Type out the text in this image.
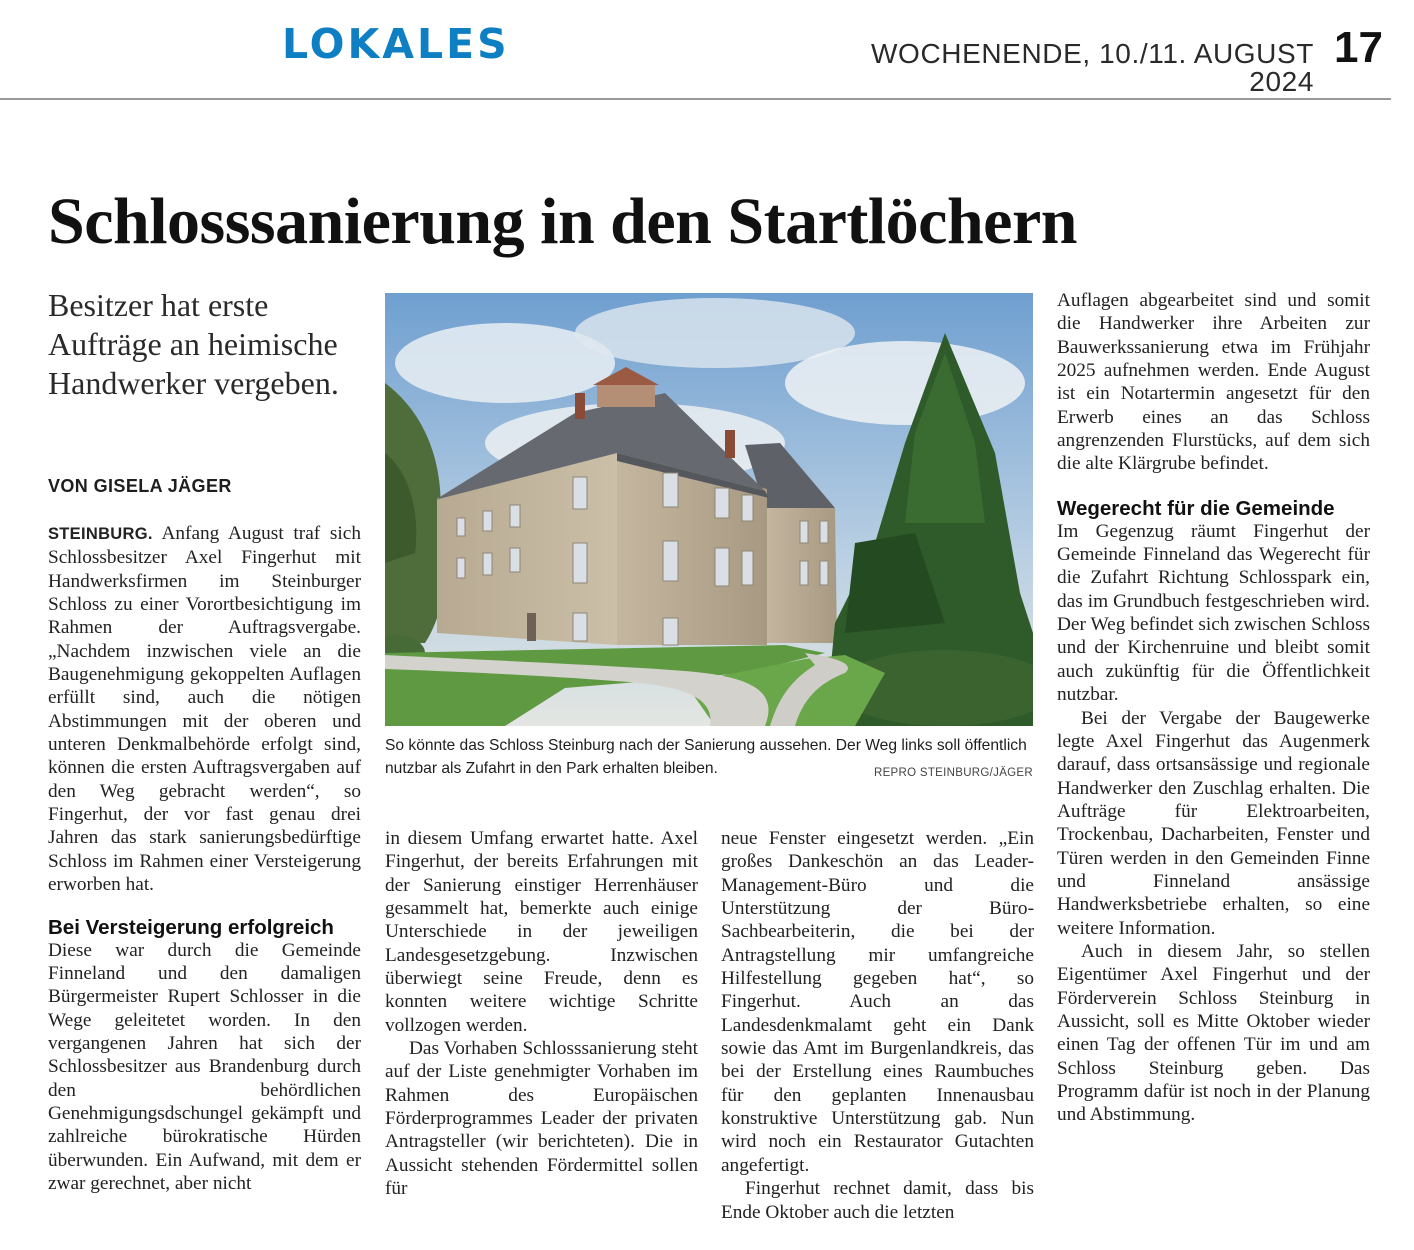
LOKALES	WOCHENENDE, 10./11. AUGUST 2024
17
Schlosssanierung in den Startlöchern
Besitzer hat erste Aufträge an heimische Handwerker vergeben.
VON GISELA JÄGER

STEINBURG. Anfang August traf sich Schlossbesitzer Axel Fingerhut mit Handwerksfirmen im Steinburger Schloss zu einer Vorortbesichtigung im Rahmen der Auftragsvergabe. „Nachdem inzwischen viele an die Baugenehmigung gekoppelten Auflagen erfüllt sind, auch die nötigen Abstimmungen mit der oberen und unteren Denkmalbehörde erfolgt sind, können die ersten Auftragsvergaben auf den Weg gebracht werden“, so Fingerhut, der vor fast genau drei Jahren das stark sanierungsbedürftige Schloss im Rahmen einer Versteigerung erworben hat.

Bei Versteigerung erfolgreich

Diese war durch die Gemeinde Finneland und den damaligen Bürgermeister Rupert Schlosser in die Wege geleitetet worden. In den vergangenen Jahren hat sich der Schlossbesitzer aus Brandenburg durch den behördlichen Genehmigungsdschungel gekämpft und zahlreiche bürokratische Hürden überwunden. Ein Aufwand, mit dem er zwar gerechnet, aber nicht

So könnte das Schloss Steinburg nach der Sanierung aussehen. Der Weg links soll öffentlich nutzbar als Zufahrt in den Park erhalten bleiben.	REPRO STEINBURG/JÄGER

in diesem Umfang erwartet hatte. Axel Fingerhut, der bereits Erfahrungen mit der Sanierung einstiger Herrenhäuser gesammelt hat, bemerkte auch einige Unterschiede in der jeweiligen Landesgesetzgebung. Inzwischen überwiegt seine Freude, denn es konnten weitere wichtige Schritte vollzogen werden.

Das Vorhaben Schlosssanierung steht auf der Liste genehmigter Vorhaben im Rahmen des Europäischen Förderprogrammes Leader der privaten Antragsteller (wir berichteten). Die in Aussicht stehenden Fördermittel sollen für

neue Fenster eingesetzt werden. „Ein großes Dankeschön an das Leader-Management-Büro und die Unterstützung der Büro-Sachbearbeiterin, die bei der Antragstellung mir umfangreiche Hilfestellung gegeben hat“, so Fingerhut. Auch an das Landesdenkmalamt geht ein Dank sowie das Amt im Burgenlandkreis, das bei der Erstellung eines Raumbuches für den geplanten Innenausbau konstruktive Unterstützung gab. Nun wird noch ein Restaurator Gutachten angefertigt.

Fingerhut rechnet damit, dass bis Ende Oktober auch die letzten

Auflagen abgearbeitet sind und somit die Handwerker ihre Arbeiten zur Bauwerkssanierung etwa im Frühjahr 2025 aufnehmen werden. Ende August ist ein Notartermin angesetzt für den Erwerb eines an das Schloss angrenzenden Flurstücks, auf dem sich die alte Klärgrube befindet.

Wegerecht für die Gemeinde

Im Gegenzug räumt Fingerhut der Gemeinde Finneland das Wegerecht für die Zufahrt Richtung Schlosspark ein, das im Grundbuch festgeschrieben wird. Der Weg befindet sich zwischen Schloss und der Kirchenruine und bleibt somit auch zukünftig für die Öffentlichkeit nutzbar.

Bei der Vergabe der Baugewerke legte Axel Fingerhut das Augenmerk darauf, dass ortsansässige und regionale Handwerker den Zuschlag erhalten. Die Aufträge für Elektroarbeiten, Trockenbau, Dacharbeiten, Fenster und Türen werden in den Gemeinden Finne und Finneland ansässige Handwerksbetriebe erhalten, so eine weitere Information.

Auch in diesem Jahr, so stellen Eigentümer Axel Fingerhut und der Förderverein Schloss Steinburg in Aussicht, soll es Mitte Oktober wieder einen Tag der offenen Tür im und am Schloss Steinburg geben. Das Programm dafür ist noch in der Planung und Abstimmung.
